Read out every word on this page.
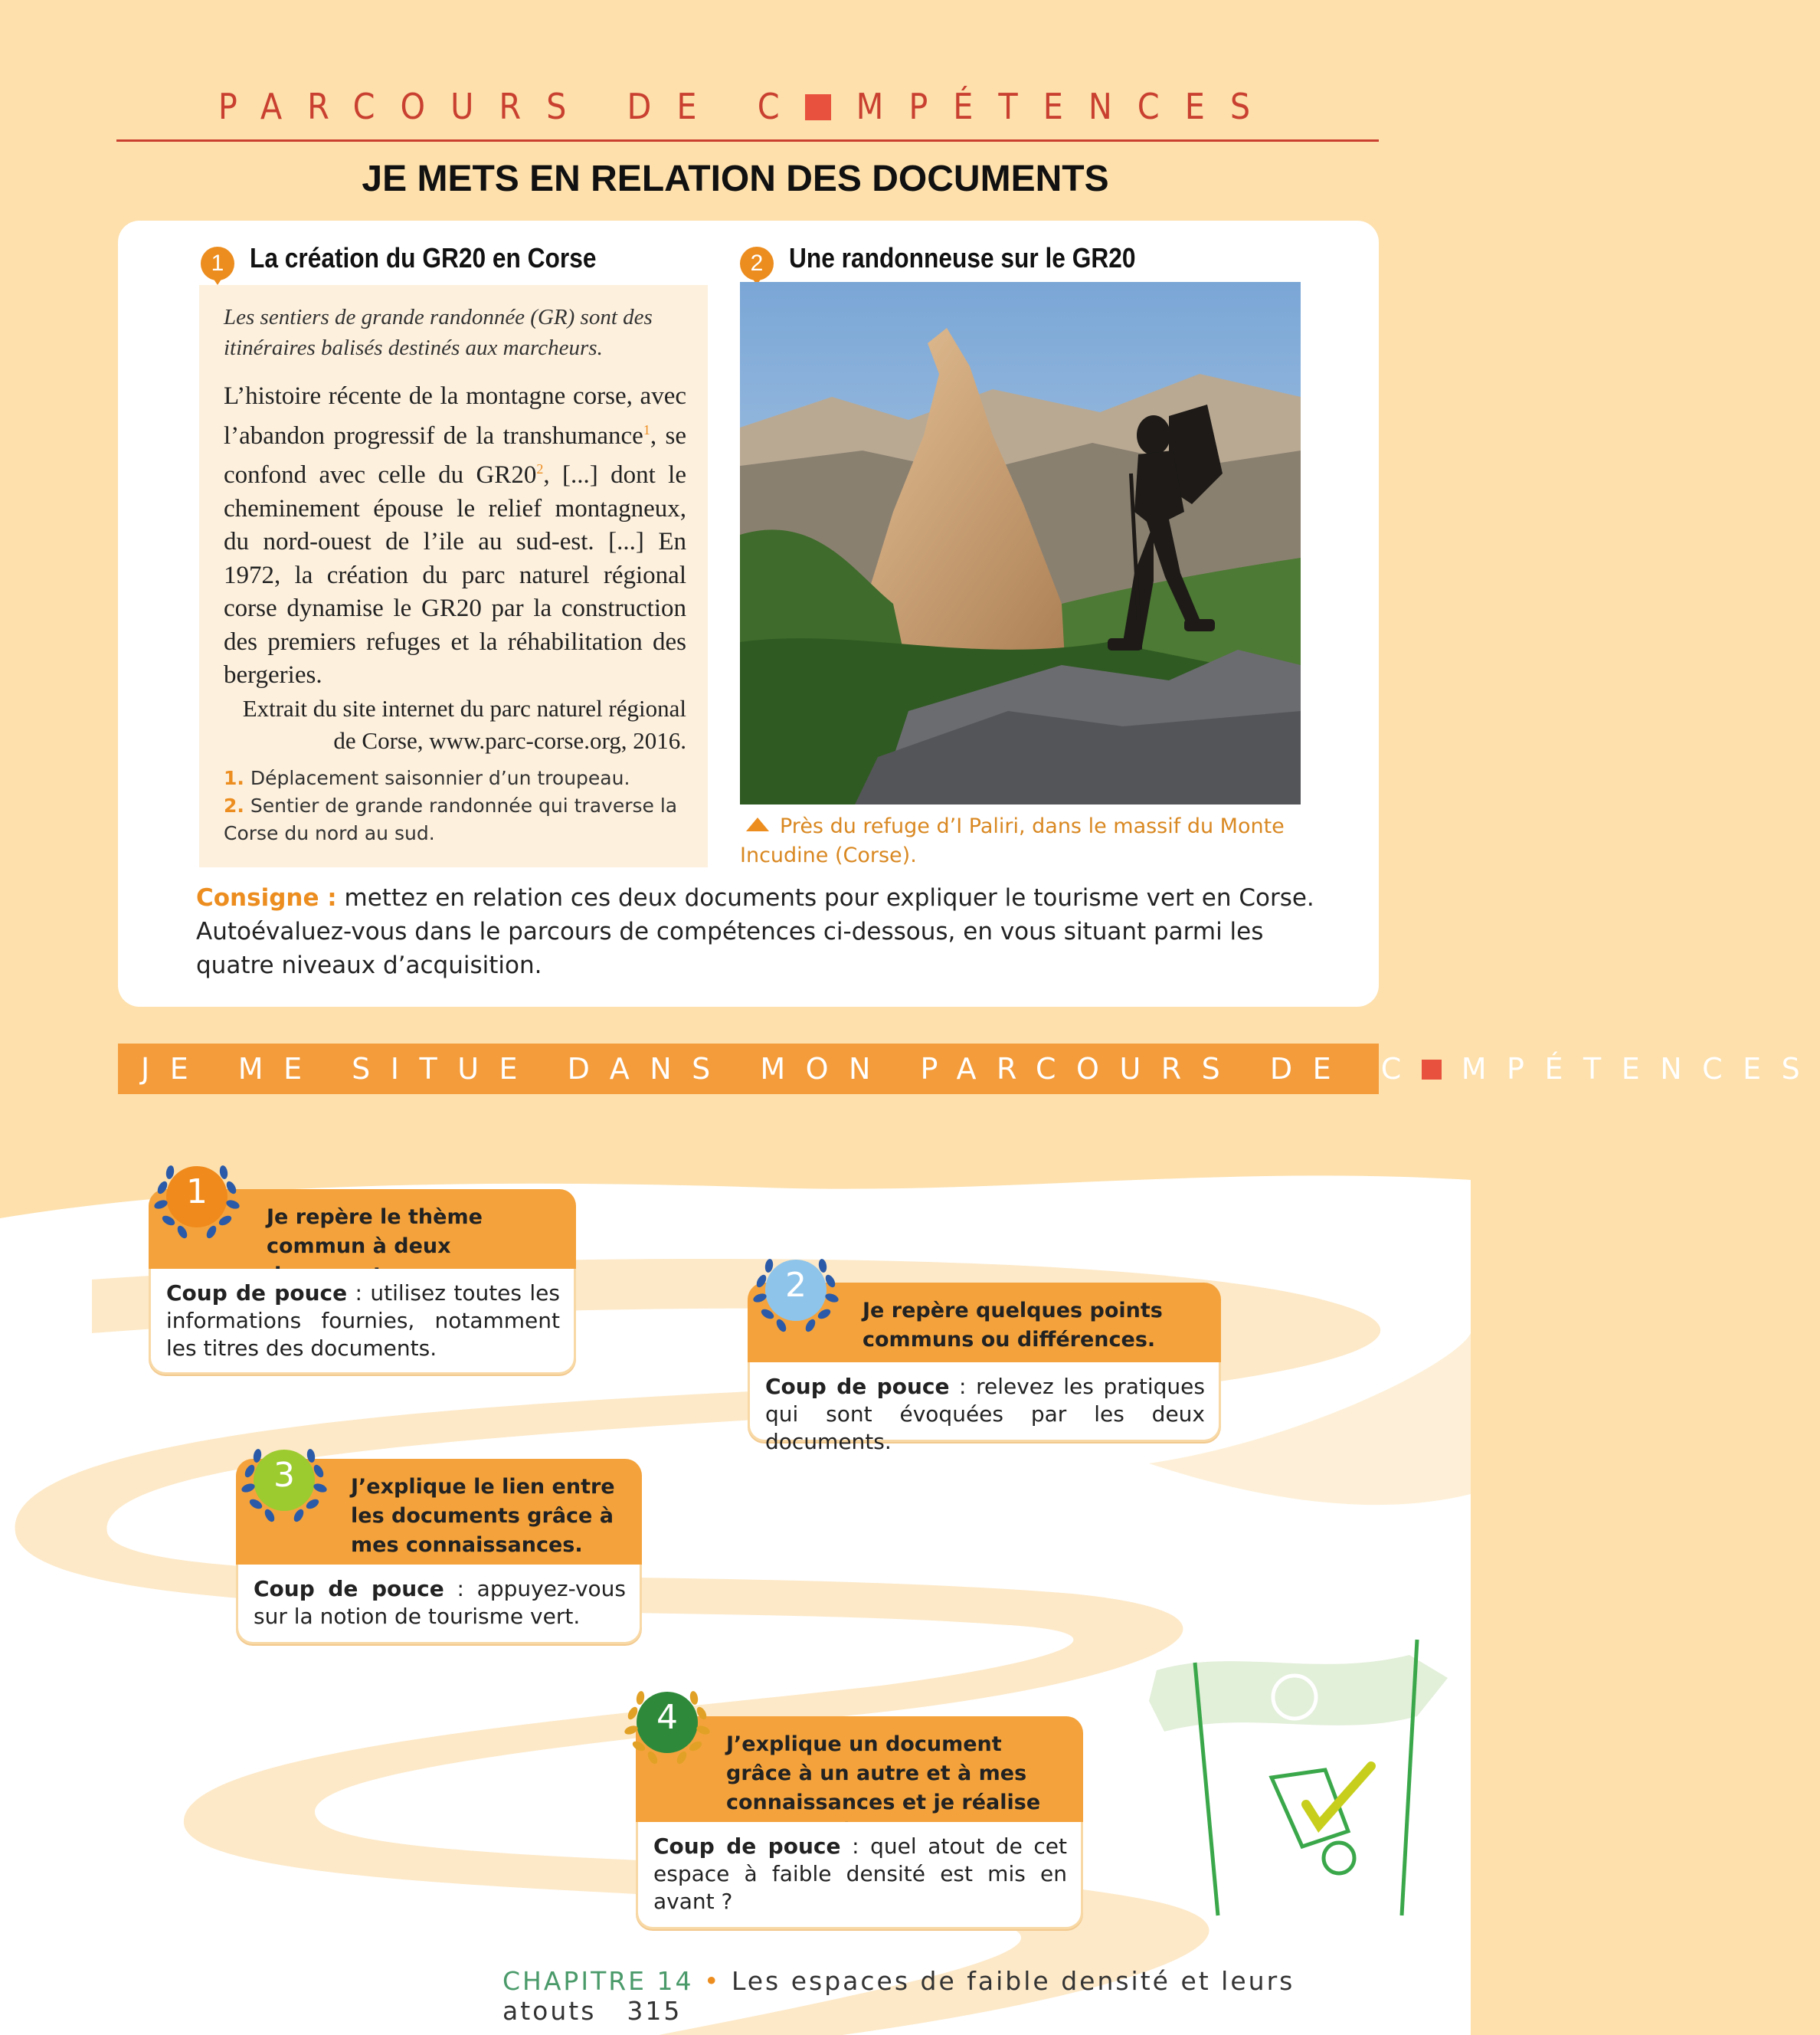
PARCOURS DE C MPÉTENCES
JE METS EN RELATION DES DOCUMENTS
1 La création du GR20 en Corse
Les sentiers de grande randonnée (GR) sont des itinéraires balisés destinés aux marcheurs.
L’histoire récente de la montagne corse, avec l’abandon progressif de la transhumance$^1$, se confond avec celle du $GR20^2$, [...] dont le cheminement épouse le relief montagneux, du nord-ouest de l’ile au sud-est. [...] En 1972, la création du parc naturel régional corse dynamise le GR20 par la construction des premiers refuges et la réhabilitation des bergeries.
Extrait du site internet du parc naturel régional de Corse, www.parc-corse.org, 2016.
1. Déplacement saisonnier d’un troupeau.
2. Sentier de grande randonnée qui traverse la Corse du nord au sud.
2 Une randonneuse sur le GR20
Près du refuge d’I Paliri, dans le massif du Monte Incudine (Corse).
Consigne : mettez en relation ces deux documents pour expliquer le tourisme vert en Corse. Autoévaluez-vous dans le parcours de compétences ci-dessous, en vous situant parmi les quatre niveaux d’acquisition.
JE ME SITUE DANS MON PARCOURS DE C MPÉTENCES
Je repère le thème commun à deux
Coup de pouce : utilisez toutes les informations fournies, notamment les titres des documents.
1
Je repère quelques points communs ou différences.
Coup de pouce : relevez les pratiques qui sont évoquées par les deux documents.
2
J’explique le lien entre les documents grâce à mes connaissances.
Coup de pouce : appuyez-vous sur la notion de tourisme vert.
3
J’explique un document grâce à un autre et à mes connaissances et je réalise
Coup de pouce : quel atout de cet espace à faible densité est mis en avant ?
4
CHAPITRE 14 • Les espaces de faible densité et leurs atouts 315
